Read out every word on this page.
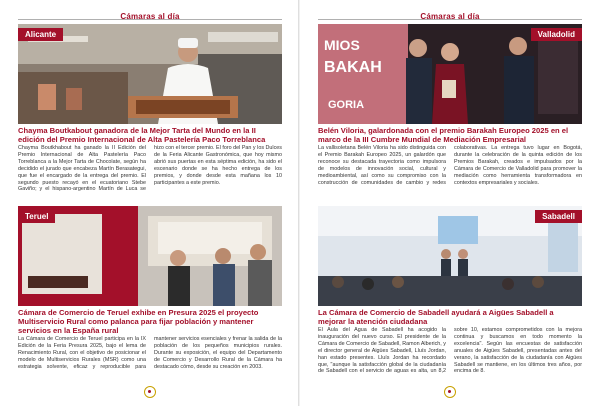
Cámaras al día
Alicante
Chayma Boutkabout ganadora de la Mejor Tarta del Mundo en la II edición del Premio Internacional de Alta Pastelería Paco Torreblanca
Chayma Boutkhabout ha ganado la II Edición del Premio Internacional de Alta Pastelería Paco Torreblanca a la Mejor Tarta de Chocolate, según ha decidido el jurado que encabeza Martín Berasategui, que fue el encargado de la entrega del premio. El segundo puesto recayó en el ecuatoriano Stebe Gaviño; y el hispano-argentino Martín de Luca se hizo con el tercer premio. El foro del Pan y los Dulces de la Feria Alicante Gastronómica, que hoy mismo abrió sus puertas en esta séptima edición, ha sido el escenario donde se ha hecho entrega de los premios, y donde desde esta mañana los 10 participantes a este premio.
Teruel
Cámara de Comercio de Teruel exhibe en Presura 2025 el proyecto Multiservicio Rural como palanca para fijar población y mantener servicios en la España rural
La Cámara de Comercio de Teruel participa en la IX Edición de la Feria Presura 2025, bajo el lema de Renacimiento Rural, con el objetivo de posicionar el modelo de Multiservicios Rurales (MSR) como una estrategia solvente, eficaz y reproducible para mantener servicios esenciales y frenar la salida de la población de los pequeños municipios rurales. Durante su exposición, el equipo del Departamento de Comercio y Desarrollo Rural de la Cámara ha destacado cómo, desde su creación en 2003.
Cámaras al día
MIOS
BAKAH
GORIA
Valladolid
Belén Viloria, galardonada con el premio Barakah Europeo 2025 en el marco de la III Cumbre Mundial de Mediación Empresarial
La vallisoletana Belén Viloria ha sido distinguida con el Premio Barakah Europeo 2025, un galardón que reconoce su destacada trayectoria como impulsora de modelos de innovación social, cultural y medioambiental, así como su compromiso con la construcción de comunidades de cambio y redes colaborativas. La entrega tuvo lugar en Bogotá, durante la celebración de la quinta edición de los Premios Barakah, creados e impulsados por la Cámara de Comercio de Valladolid para promover la mediación como herramienta transformadora en contextos empresariales y sociales.
Sabadell
La Cámara de Comercio de Sabadell ayudará a Aigües Sabadell a mejorar la atención ciudadana
El Aula del Agua de Sabadell ha acogido la inauguración del nuevo curso. El presidente de la Cámara de Comercio de Sabadell, Ramon Alberich, y el director general de Aigües Sabadell, Lluís Jordan, han estado presentes. Lluís Jordan ha recordado que, "aunque la satisfacción global de la ciudadanía de Sabadell con el servicio de aguas es alta, un 8,2 sobre 10, estamos comprometidos con la mejora continua y buscamos en todo momento la excelencia". Según las encuestas de satisfacción anuales de Aigües Sabadell, presentadas antes del verano, la satisfacción de la ciudadanía con Aigües Sabadell se mantiene, en los últimos tres años, por encima de 8.
